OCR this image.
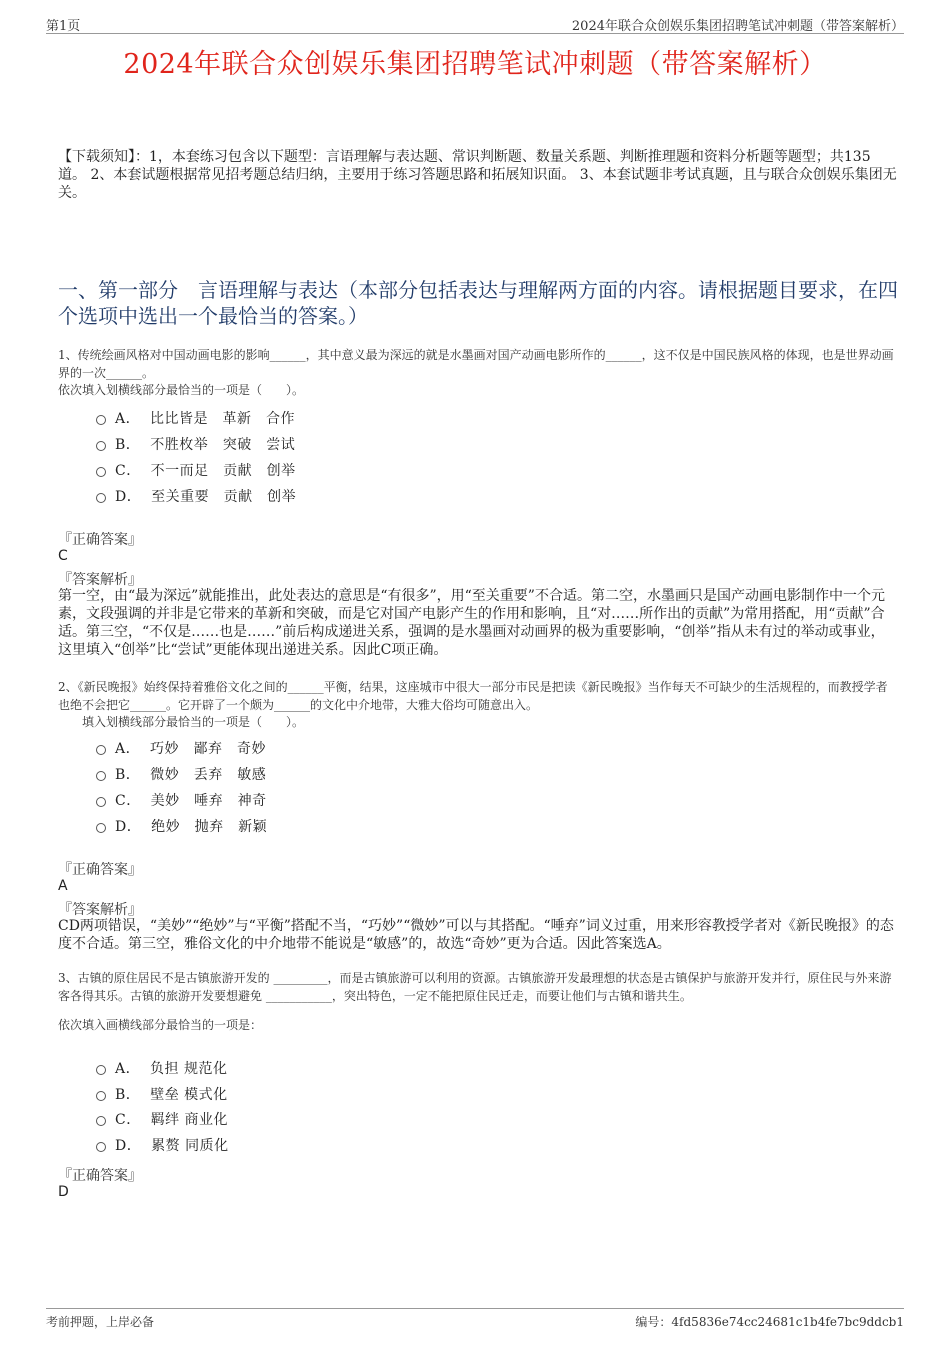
第1页	2024年联合众创娱乐集团招聘笔试冲刺题（带答案解析）
2024年联合众创娱乐集团招聘笔试冲刺题（带答案解析）
【下载须知】：1，本套练习包含以下题型：言语理解与表达题、常识判断题、数量关系题、判断推理题和资料分析题等题型；共135道。 2、本套试题根据常见招考题总结归纳，主要用于练习答题思路和拓展知识面。 3、本套试题非考试真题，且与联合众创娱乐集团无关。
一、第一部分　言语理解与表达（本部分包括表达与理解两方面的内容。请根据题目要求，在四个选项中选出一个最恰当的答案。）

1、传统绘画风格对中国动画电影的影响______，其中意义最为深远的就是水墨画对国产动画电影所作的______，这不仅是中国民族风格的体现，也是世界动画界的一次______。

依次填入划横线部分最恰当的一项是（　　）。

A．  比比皆是　革新　合作
B．  不胜枚举　突破　尝试
C．  不一而足　贡献　创举
D．  至关重要　贡献　创举
『正确答案』
C
『答案解析』
第一空，由“最为深远”就能推出，此处表达的意思是“有很多”，用“至关重要”不合适。第二空，水墨画只是国产动画电影制作中一个元素，文段强调的并非是它带来的革新和突破，而是它对国产电影产生的作用和影响，且“对……所作出的贡献”为常用搭配，用“贡献”合适。第三空，“不仅是……也是……”前后构成递进关系，强调的是水墨画对动画界的极为重要影响，“创举”指从未有过的举动或事业，这里填入“创举”比“尝试”更能体现出递进关系。因此C项正确。

2、《新民晚报》始终保持着雅俗文化之间的______平衡，结果，这座城市中很大一部分市民是把读《新民晚报》当作每天不可缺少的生活规程的，而教授学者也绝不会把它______。它开辟了一个颇为______的文化中介地带，大雅大俗均可随意出入。

填入划横线部分最恰当的一项是（　　）。

A．  巧妙　鄙弃　奇妙
B．  微妙　丢弃　敏感
C．  美妙　唾弃　神奇
D．  绝妙　抛弃　新颖
『正确答案』
A
『答案解析』
CD两项错误，“美妙”“绝妙”与“平衡”搭配不当，“巧妙”“微妙”可以与其搭配。“唾弃”词义过重，用来形容教授学者对《新民晚报》的态度不合适。第三空，雅俗文化的中介地带不能说是“敏感”的，故选“奇妙”更为合适。因此答案选A。

3、古镇的原住居民不是古镇旅游开发的 _________，而是古镇旅游可以利用的资源。古镇旅游开发最理想的状态是古镇保护与旅游开发并行，原住民与外来游客各得其乐。古镇的旅游开发要想避免 ___________，突出特色，一定不能把原住民迁走，而要让他们与古镇和谐共生。

依次填入画横线部分最恰当的一项是：

A．  负担 规范化
B．  壁垒 模式化
C．  羁绊 商业化
D．  累赘 同质化
『正确答案』
D
考前押题，上岸必备	编号：4fd5836e74cc24681c1b4fe7bc9ddcb1
